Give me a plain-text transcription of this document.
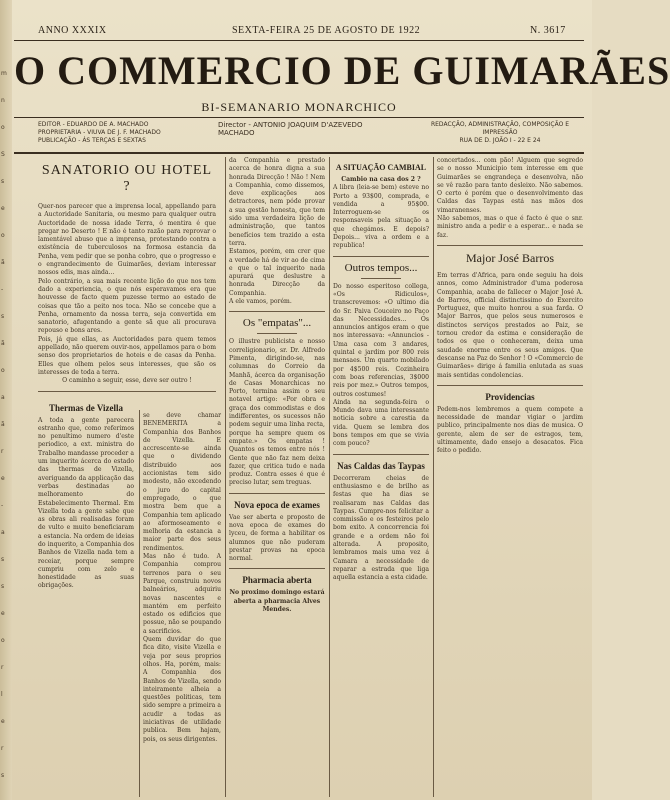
m
n
o
S
s
e
o
ã
-
s
ã
o
a
ã
r
e
-
a
s
s
e
o
r
l
e
r
s
ANNO XXXIX	SEXTA-FEIRA 25 DE AGOSTO DE 1922	N. 3617
O COMMERCIO DE GUIMARÃES
BI-SEMANARIO MONARCHICO
EDITOR - EDUARDO DE A. MACHADO
PROPRIETARIA - VIUVA DE J. F. MACHADO
PUBLICAÇÃO - ÁS TERÇAS E SEXTAS
Director - ANTONIO JOAQUIM D'AZEVEDO MACHADO
REDACÇÃO, ADMINISTRAÇÃO, COMPOSIÇÃO E IMPRESSÃO
RUA DE D. JOÃO I - 22 E 24
SANATORIO OU HOTEL ?

Quer-nos parecer que a imprensa local, appellando para a Auctoridade Sanitaria, ou mesmo para qualquer outra Auctoridade de nossa idade Terra, ó mentira é que pregar no Deserto ! E não é tanto razão para reprovar o lamentável abuso que a imprensa, protestando contra a existência de tuberculosos na formosa estancia da Penha, vem pedir que se ponha cobro, que o progresso e o engrandecimento de Guimarães, deviam interessar nossos edis, mas ainda...

Pelo contrário, a sua mais recente lição do que nos tem dado a experiencia, o que nós esperavamos era que houvesse de facto quem puzesse termo ao estado de coisas que tão a peito nos toca. Não se concebe que a Penha, ornamento da nossa terra, seja convertida em sanatorio, afugentando a gente sã que ali procurava repouso e bons ares.

Pois, já que ellas, as Auctoridades para quem temos appellado, não querem ouvir-nos, appellamos para o bom senso dos proprietarios de hoteis e de casas da Penha. Elles que olhem pelos seus interesses, que são os interesses de toda a terra.

O caminho a seguir, esse, deve ser outro !

Thermas de Vizella

A toda a gente parecera estranho que, como referimos no penultimo numero d'este periodico, a ext. ministra do Trabalho mandasse proceder a um inquerito ácerca do estado das thermas de Vizella, averiguando da applicação das verbas destinadas ao melhoramento do Estabelecimento Thermal. Em Vizella toda a gente sabe que as obras ali realisadas foram de vulto e muito beneficiaram a estancia. Na ordem de ideias do inquerito, a Companhia dos Banhos de Vizella nada tem a receiar, porque sempre cumpriu com zelo e honestidade as suas obrigações.

se deve chamar BENEMERITA a Companhia dos Banhos de Vizella. E accrescente-se ainda que o dividendo distribuido aos accionistas tem sido modesto, não excedendo o juro do capital empregado, o que mostra bem que a Companhia tem aplicado ao aformoseamento e melhoria da estancia a maior parte dos seus rendimentos.

Mas não é tudo. A Companhia comprou terrenos para o seu Parque, construiu novos balneários, adquiriu novas nascentes e mantém em perfeito estado os edificios que possue, não se poupando a sacrificios.

Quem duvidar do que fica dito, visite Vizella e veja por seus proprios olhos. Ha, porém, mais: A Companhia dos Banhos de Vizella, sendo inteiramente alheia a questões politicas, tem sido sempre a primeira a acudir a todas as iniciativas de utilidade publica. Bem hajam, pois, os seus dirigentes.

da Companhia e prestado acerca de honra digna a sua honrada Direcção ! Não ! Nem a Companhia, como dissemos, deve explicações aos detractores, nem póde provar a sua gestão honesta, que tem sido uma verdadeira lição de administração, que tantos benefícios tem trazido a esta terra.

Estamos, porém, em crer que a verdade há de vir ao de cima e que o tal inquerito nada apurará que deslustre a honrada Direcção da Companhia.

A ele vamos, porém.

Os "empatas"...

O illustre publicista e nosso correligionario, sr. Dr. Alfredo Pimenta, dirigindo-se, nas columnas do Correio da Manhã, ácerca da organisação de Casas Monarchicas no Porto, termina assim o seu notavel artigo: «Por obra e graça dos commodistas e dos indifferentes, os sucessos não podem seguir uma linha recta, porque ha sempre quem os empate.» Os empatas ! Quantos os temos entre nós ! Gente que não faz nem deixa fazer, que critica tudo e nada produz. Contra esses é que é preciso lutar, sem treguas.

Nova epoca de exames

Vae ser aberta e proposto de nova epoca de exames do lyceu, de forma a habilitar os alumnos que não puderam prestar provas na epoca normal.

Pharmacia aberta

No proximo domingo estará aberta a pharmacia Alves Mendes.

A SITUAÇÃO CAMBIAL

Cambio na casa dos 2 ?

A libra (leia-se bem) esteve no Porto a 93$00, comprada, e vendida a 95$00. Interroguem-se os responsaveis pela situação a que chegámos. E depois? Depois... viva a ordem e a republica!

Outros tempos...

Do nosso esperitoso collega, «Os Ridiculos», transcrevemos: «O ultimo dia do Sr. Paiva Couceiro no Paço das Necessidades... Os annuncios antigos eram o que nos interessava: «Annuncios - Uma casa com 3 andares, quintal e jardim por 800 reis mensaes. Um quarto mobilado por 4$500 reis. Cozinheira com boas referencias, 3$000 reis por mez.» Outros tempos, outros costumes!

Ainda na segunda-feira o Mundo dava uma interessante noticia sobre a carestia da vida. Quem se lembra dos bons tempos em que se vivia com pouco?

Nas Caldas das Taypas

Decorreram cheias de enthusiasmo e de brilho as festas que ha dias se realisaram nas Caldas das Taypas. Cumpre-nos felicitar a commissão e os festeiros pelo bom exito. A concorrencia foi grande e a ordem não foi alterada. A proposito, lembramos mais uma vez á Camara a necessidade de reparar a estrada que liga aquella estancia a esta cidade.

concertados... com pão! Alguem que segredo se o nosso Municipio tem interesse em que Guimarães se engrandeça e desenvolva, não se vê razão para tanto desleixo. Não sabemos. O certo é porém que o desenvolvimento das Caldas das Taypas está nas mãos dos vimaranenses.

Não sabemos, mas o que é facto é que o snr. ministro anda a pedir e a esperar... e nada se faz.

Major José Barros

Em terras d'Africa, para onde seguiu ha dois annos, como Administrador d'uma poderosa Companhia, acaba de fallecer o Major José A. de Barros, official distinctissimo do Exercito Portuguez, que muito honrou a sua farda. O Major Barros, que pelos seus numerosos e distinctos serviços prestados ao Paiz, se tornou credor da estima e consideração de todos os que o conheceram, deixa uma saudade enorme entre os seus amigos. Que descanse na Paz do Senhor ! O «Commercio de Guimarães» dirige á familia enlutada as suas mais sentidas condolencias.

Providencias

Pedem-nos lembremos a quem compete a necessidade de mandar vigiar o jardim publico, principalmente nos dias de musica. O gerente, alem de ser de estragos, tem, ultimamente, dado ensejo a desacatos. Fica feito o pedido.
